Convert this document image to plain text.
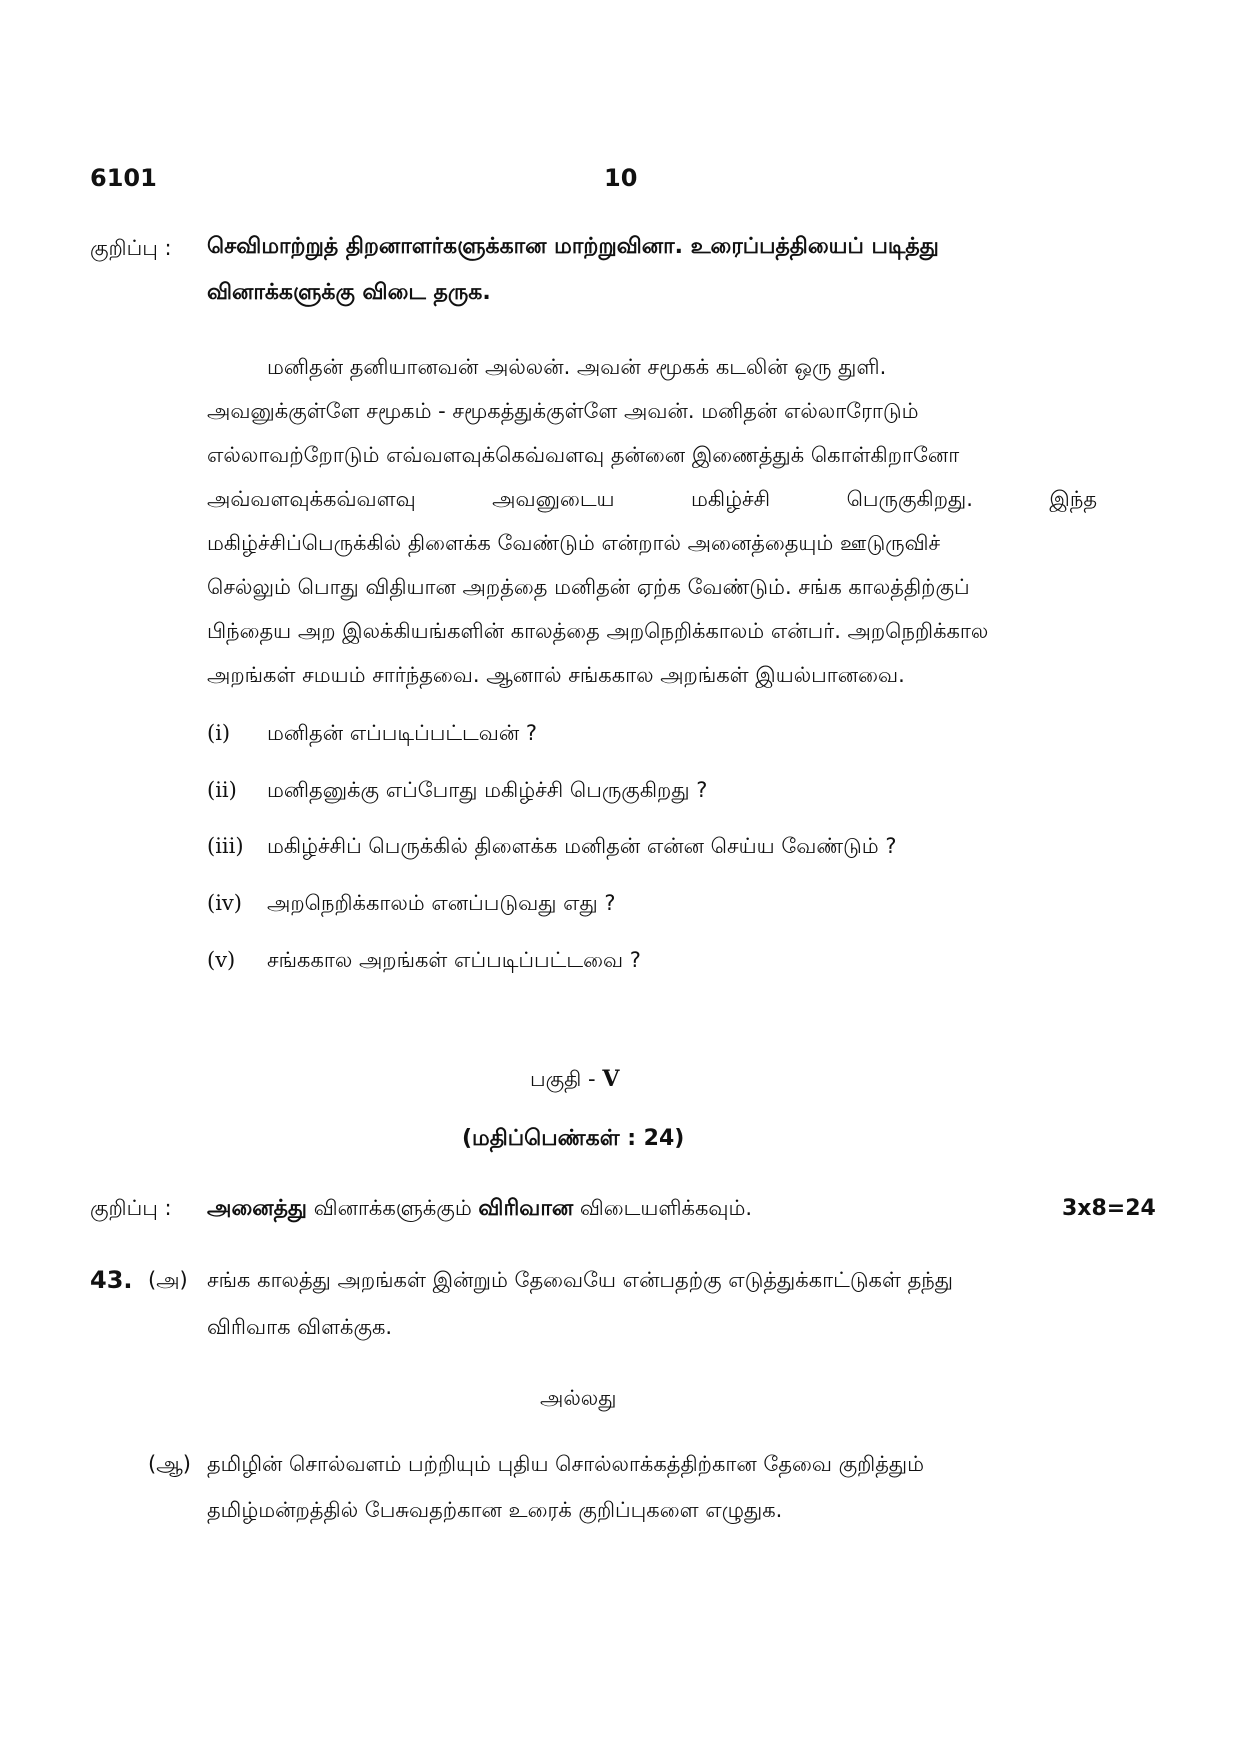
6101	10
குறிப்பு : செவிமாற்றுத் திறனாளர்களுக்கான மாற்றுவினா. உரைப்பத்தியைப் படித்து
வினாக்களுக்கு விடை தருக.

மனிதன் தனியானவன் அல்லன். அவன் சமூகக் கடலின் ஒரு துளி.

அவனுக்குள்ளே சமூகம் - சமூகத்துக்குள்ளே அவன். மனிதன் எல்லாரோடும்

எல்லாவற்றோடும் எவ்வளவுக்கெவ்வளவு தன்னை இணைத்துக் கொள்கிறானோ

அவ்வளவுக்கவ்வளவு அவனுடைய மகிழ்ச்சி பெருகுகிறது. இந்த

மகிழ்ச்சிப்பெருக்கில் திளைக்க வேண்டும் என்றால் அனைத்தையும் ஊடுருவிச்

செல்லும் பொது விதியான அறத்தை மனிதன் ஏற்க வேண்டும். சங்க காலத்திற்குப்

பிந்தைய அற இலக்கியங்களின் காலத்தை அறநெறிக்காலம் என்பர். அறநெறிக்கால

அறங்கள் சமயம் சார்ந்தவை. ஆனால் சங்ககால அறங்கள் இயல்பானவை.

(i) மனிதன் எப்படிப்பட்டவன் ?
(ii) மனிதனுக்கு எப்போது மகிழ்ச்சி பெருகுகிறது ?
(iii) மகிழ்ச்சிப் பெருக்கில் திளைக்க மனிதன் என்ன செய்ய வேண்டும் ?
(iv) அறநெறிக்காலம் எனப்படுவது எது ?
(v) சங்ககால அறங்கள் எப்படிப்பட்டவை ?
பகுதி - V
(மதிப்பெண்கள் : 24)
குறிப்பு : அனைத்து வினாக்களுக்கும் விரிவான விடையளிக்கவும்.	3x8=24
43. (அ) சங்க காலத்து அறங்கள் இன்றும் தேவையே என்பதற்கு எடுத்துக்காட்டுகள் தந்து
விரிவாக விளக்குக.
அல்லது
(ஆ) தமிழின் சொல்வளம் பற்றியும் புதிய சொல்லாக்கத்திற்கான தேவை குறித்தும்
தமிழ்மன்றத்தில் பேசுவதற்கான உரைக் குறிப்புகளை எழுதுக.
